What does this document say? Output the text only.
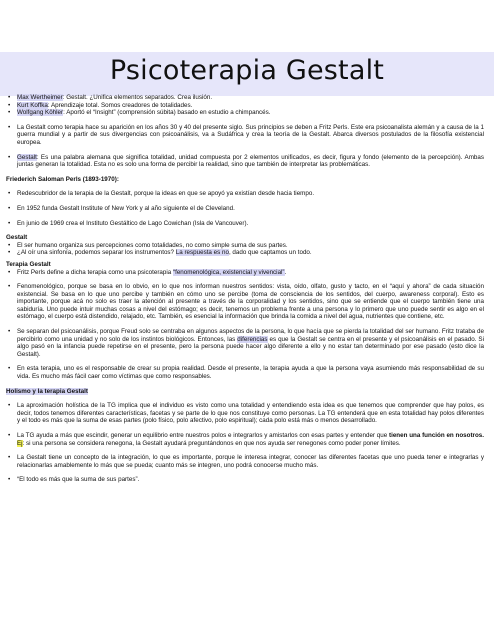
Psicoterapia Gestalt
• Max Wertheimer: Gestalt. ¿Unifica elementos separados. Crea ilusión.
• Kurt Koffka: Aprendizaje total. Somos creadores de totalidades.
• Wolfgang Köhler: Aportó el “Insight” (comprensión súbita) basado en estudio a chimpancés.
• La Gestalt como terapia hace su aparición en los años 30 y 40 del presente siglo. Sus principios se deben a Fritz Perls. Este era psicoanalista alemán y a causa de la 1 guerra mundial y a partir de sus divergencias con psicoanálisis, va a Sudáfrica y crea la teoría de la Gestalt. Abarca diversos postulados de la filosofía existencial europea.
• Gestalt: Es una palabra alemana que significa totalidad, unidad compuesta por 2 elementos unificados, es decir, figura y fondo (elemento de la percepción). Ambas juntas generan la totalidad. Esta no es solo una forma de percibir la realidad, sino que también de interpretar las problemáticas.
Friederich Saloman Perls (1893-1970):
• Redescubridor de la terapia de la Gestalt, porque la ideas en que se apoyó ya existían desde hacia tiempo.
• En 1952 funda Gestalt Institute of New York y al año siguiente el de Cleveland.
• En junio de 1969 crea el Instituto Gestáltico de Lago Cowichan (Isla de Vancouver).
Gestalt
• El ser humano organiza sus percepciones como totalidades, no como simple suma de sus partes.
• ¿Al oír una sinfonía, podemos separar los instrumentos? La respuesta es no, dado que captamos un todo.
Terapia Gestalt
• Fritz Perls define a dicha terapia como una psicoterapia “fenomenológica, existencial y vivencial”.
• Fenomenológico, porque se basa en lo obvio, en lo que nos informan nuestros sentidos: vista, oído, olfato, gusto y tacto, en el “aquí y ahora” de cada situación existencial. Se basa en lo que uno percibe y también en cómo uno se percibe (toma de consciencia de los sentidos, del cuerpo, awareness corporal). Esto es importante, porque acá no solo es traer la atención al presente a través de la corporalidad y los sentidos, sino que se entiende que el cuerpo también tiene una sabiduría. Uno puede intuir muchas cosas a nivel del estómago; es decir, tenemos un problema frente a una persona y lo primero que uno puede sentir es algo en el estómago, el cuerpo está distendido, relajado, etc. También, es esencial la información que brinda la comida a nivel del agua, nutrientes que contiene, etc.
• Se separan del psicoanálisis, porque Freud solo se centraba en algunos aspectos de la persona, lo que hacía que se pierda la totalidad del ser humano. Fritz trataba de percibirlo como una unidad y no solo de los instintos biológicos. Entonces, las diferencias es que la Gestalt se centra en el presente y el psicoanálisis en el pasado. Si algo pasó en la infancia puede repetirse en el presente, pero la persona puede hacer algo diferente a ello y no estar tan determinado por ese pasado (esto dice la Gestalt).
• En esta terapia, uno es el responsable de crear su propia realidad. Desde el presente, la terapia ayuda a que la persona vaya asumiendo más responsabilidad de su vida. Es mucho más fácil caer como víctimas que como responsables.
Holismo y la terapia Gestalt
• La aproximación holística de la TG implica que el individuo es visto como una totalidad y entendiendo esta idea es que tenemos que comprender que hay polos, es decir, todos tenemos diferentes características, facetas y se parte de lo que nos constituye como personas. La TG entenderá que en esta totalidad hay polos diferentes y el todo es más que la suma de esas partes (polo físico, polo afectivo, polo espiritual); cada polo está más o menos desarrollado.
• La TG ayuda a más que escindir, generar un equilibrio entre nuestros polos e integrarlos y amistarlos con esas partes y entender que tienen una función en nosotros. Ej: si una persona se considera renegona, la Gestalt ayudará preguntándonos en que nos ayuda ser renegones como poder poner límites.
• La Gestalt tiene un concepto de la integración, lo que es importante, porque le interesa integrar, conocer las diferentes facetas que uno pueda tener e integrarlas y relacionarlas amablemente lo más que se pueda; cuanto más se integren, uno podrá conocerse mucho más.
• “El todo es más que la suma de sus partes”.
